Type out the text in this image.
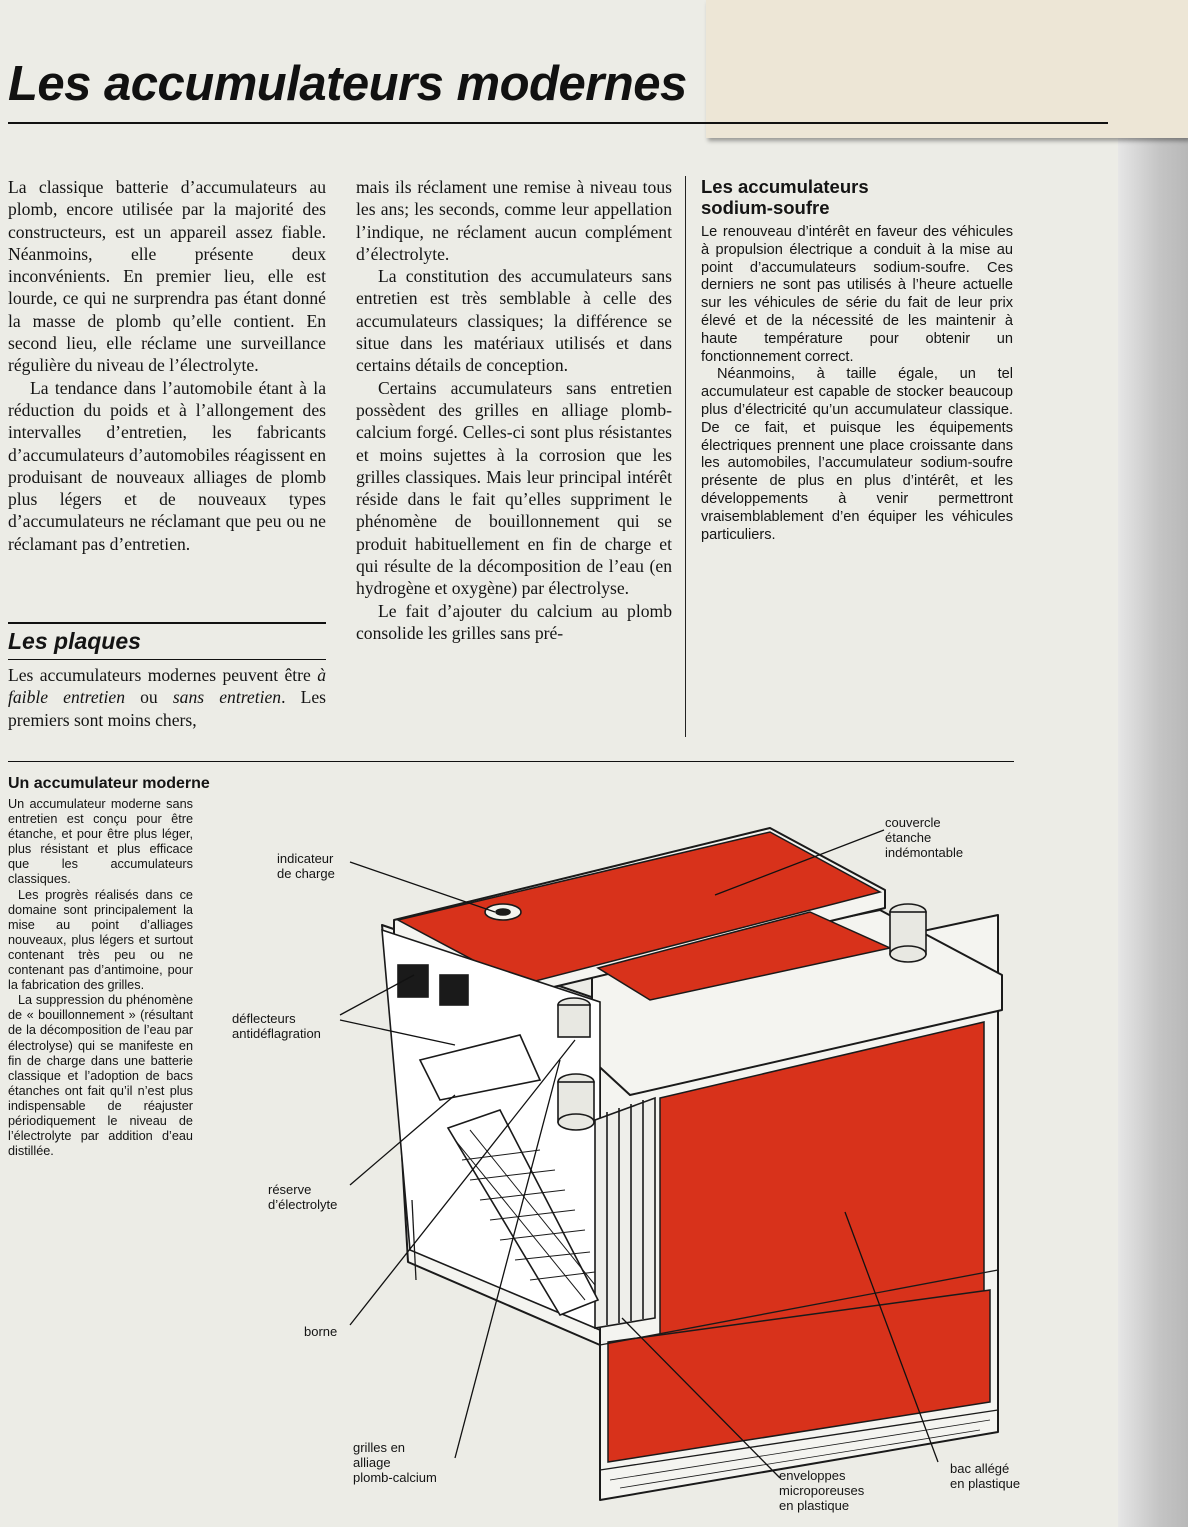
Les accumulateurs modernes

La classique batterie d’accumulateurs au plomb, encore utilisée par la majorité des constructeurs, est un appareil assez fiable. Néanmoins, elle présente deux inconvénients. En premier lieu, elle est lourde, ce qui ne surprendra pas étant donné la masse de plomb qu’elle contient. En second lieu, elle réclame une surveillance régulière du niveau de l’électrolyte.

La tendance dans l’automobile étant à la réduction du poids et à l’allongement des intervalles d’entretien, les fabricants d’accumulateurs d’automobiles réagissent en produisant de nouveaux alliages de plomb plus légers et de nouveaux types d’accumulateurs ne réclamant que peu ou ne réclamant pas d’entretien.

Les plaques

Les accumulateurs modernes peuvent être à faible entretien ou sans entretien. Les premiers sont moins chers,

mais ils réclament une remise à niveau tous les ans; les seconds, comme leur appellation l’indique, ne réclament aucun complément d’électrolyte.

La constitution des accumulateurs sans entretien est très semblable à celle des accumulateurs classiques; la différence se situe dans les matériaux utilisés et dans certains détails de conception.

Certains accumulateurs sans entretien possèdent des grilles en alliage plomb-calcium forgé. Celles-ci sont plus résistantes et moins sujettes à la corrosion que les grilles classiques. Mais leur principal intérêt réside dans le fait qu’elles suppriment le phénomène de bouillonnement qui se produit habituellement en fin de charge et qui résulte de la décomposition de l’eau (en hydrogène et oxygène) par électrolyse.

Le fait d’ajouter du calcium au plomb consolide les grilles sans pré-

Les accumulateurs
sodium-soufre

Le renouveau d’intérêt en faveur des véhicules à propulsion électrique a conduit à la mise au point d’accumulateurs sodium-soufre. Ces derniers ne sont pas utilisés à l’heure actuelle sur les véhicules de série du fait de leur prix élevé et de la nécessité de les maintenir à haute température pour obtenir un fonctionnement correct.

Néanmoins, à taille égale, un tel accumulateur est capable de stocker beaucoup plus d’électricité qu’un accumulateur classique. De ce fait, et puisque les équipements électriques prennent une place croissante dans les automobiles, l’accumulateur sodium-soufre présente de plus en plus d’intérêt, et les développements à venir permettront vraisemblablement d’en équiper les véhicules particuliers.

Un accumulateur moderne

Un accumulateur moderne sans entretien est conçu pour être étanche, et pour être plus léger, plus résistant et plus efficace que les accumulateurs classiques.

Les progrès réalisés dans ce domaine sont principalement la mise au point d’alliages nouveaux, plus légers et surtout contenant très peu ou ne contenant pas d’antimoine, pour la fabrication des grilles.

La suppression du phénomène de « bouillonnement » (résultant de la décomposition de l’eau par électrolyse) qui se manifeste en fin de charge dans une batterie classique et l’adoption de bacs étanches ont fait qu’il n’est plus indispensable de réajuster périodiquement le niveau de l’électrolyte par addition d’eau distillée.

indicateur
de charge
couvercle
étanche
indémontable
déflecteurs
antidéflagration
réserve
d’électrolyte
borne
grilles en
alliage
plomb-calcium	enveloppes
microporeuses
en plastique
bac allégé
en plastique
